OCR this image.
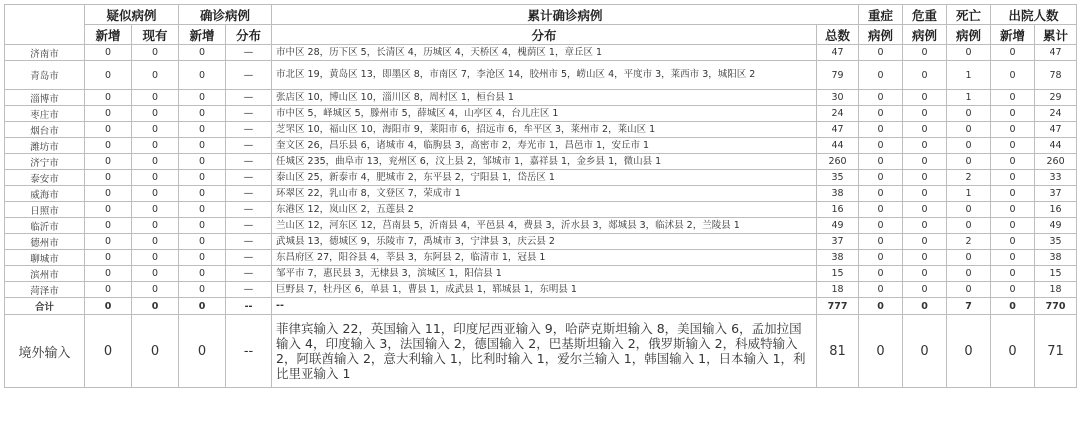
	疑似病例		确诊病例		累计确诊病例		重症	危重	死亡	出院人数	
	新增	现有	新增	分布	分布	总数	病例	病例	病例	新增	累计
济南市	0	0	0	—	市中区 28，历下区 5，长清区 4，历城区 4，天桥区 4，槐荫区 1，章丘区 1	47	0	0	0	0	47
青岛市	0	0	0	—	市北区 19，黄岛区 13，即墨区 8，市南区 7，李沧区 14，胶州市 5，崂山区 4，平度市 3，莱西市 3，城阳区 2	79	0	0	1	0	78
淄博市	0	0	0	—	张店区 10，博山区 10，淄川区 8，周村区 1，桓台县 1	30	0	0	1	0	29
枣庄市	0	0	0	—	市中区 5，峄城区 5，滕州市 5，薛城区 4，山亭区 4，台儿庄区 1	24	0	0	0	0	24
烟台市	0	0	0	—	芝罘区 10，福山区 10，海阳市 9，莱阳市 6，招远市 6，牟平区 3，莱州市 2，莱山区 1	47	0	0	0	0	47
潍坊市	0	0	0	—	奎文区 26，昌乐县 6，诸城市 4，临朐县 3，高密市 2，寿光市 1，昌邑市 1，安丘市 1	44	0	0	0	0	44
济宁市	0	0	0	—	任城区 235，曲阜市 13，兖州区 6，汶上县 2，邹城市 1，嘉祥县 1，金乡县 1，微山县 1	260	0	0	0	0	260
泰安市	0	0	0	—	泰山区 25，新泰市 4，肥城市 2，东平县 2，宁阳县 1，岱岳区 1	35	0	0	2	0	33
威海市	0	0	0	—	环翠区 22，乳山市 8，文登区 7，荣成市 1	38	0	0	1	0	37
日照市	0	0	0	—	东港区 12，岚山区 2，五莲县 2	16	0	0	0	0	16
临沂市	0	0	0	—	兰山区 12，河东区 12，莒南县 5，沂南县 4，平邑县 4，费县 3，沂水县 3，郯城县 3，临沭县 2，兰陵县 1	49	0	0	0	0	49
德州市	0	0	0	—	武城县 13，德城区 9，乐陵市 7，禹城市 3，宁津县 3，庆云县 2	37	0	0	2	0	35
聊城市	0	0	0	—	东昌府区 27，阳谷县 4，莘县 3，东阿县 2，临清市 1，冠县 1	38	0	0	0	0	38
滨州市	0	0	0	—	邹平市 7，惠民县 3，无棣县 3，滨城区 1，阳信县 1	15	0	0	0	0	15
菏泽市	0	0	0	—	巨野县 7，牡丹区 6，单县 1，曹县 1，成武县 1，郓城县 1，东明县 1	18	0	0	0	0	18
合计	0	0	0	--	--	777	0	0	7	0	770
境外输入	0	0	0	--	菲律宾输入 22，英国输入 11，印度尼西亚输入 9，哈萨克斯坦输入 8，美国输入 6，孟加拉国输入 4，印度输入 3，法国输入 2，德国输入 2，巴基斯坦输入 2，俄罗斯输入 2，科威特输入 2，阿联酋输入 2，意大利输入 1，比利时输入 1，爱尔兰输入 1，韩国输入 1，日本输入 1，利比里亚输入 1	81	0	0	0	0	71
